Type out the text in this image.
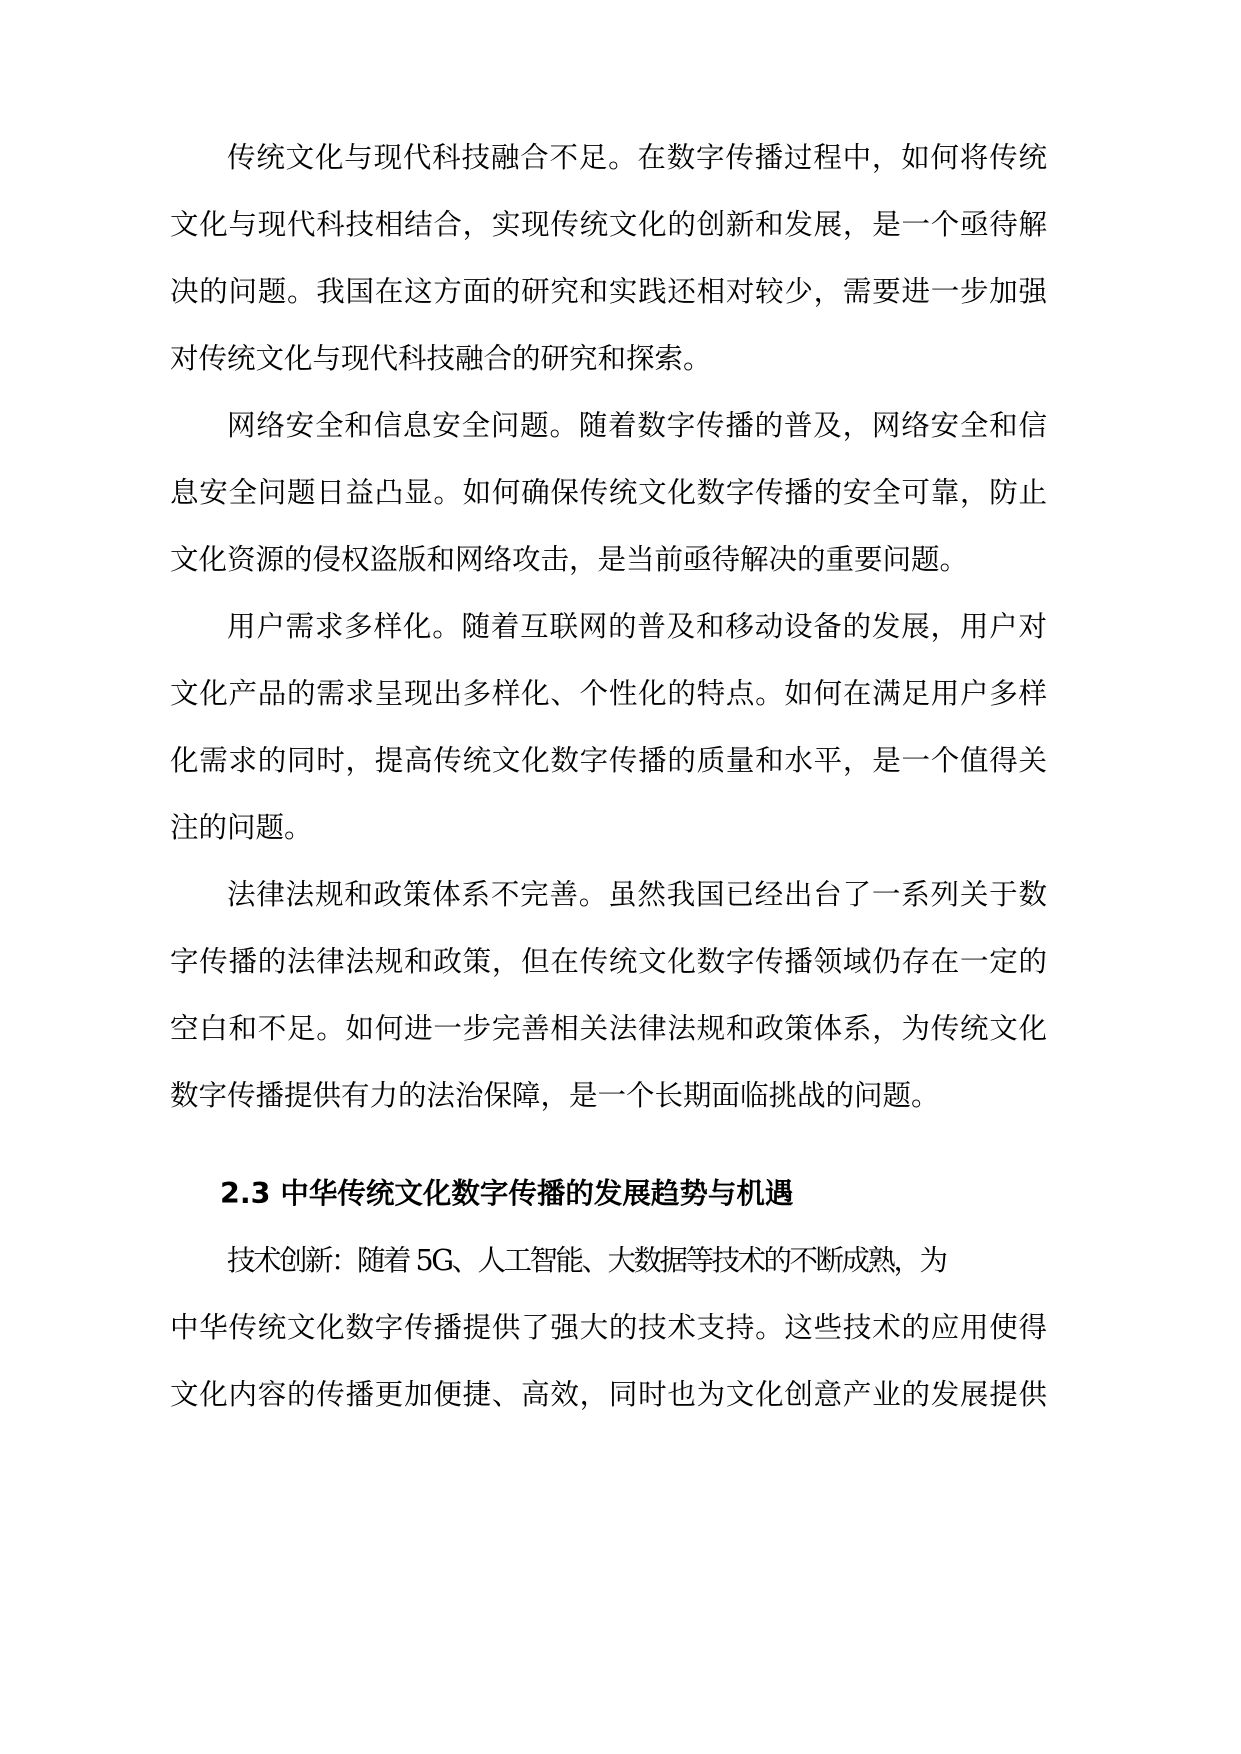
传统文化与现代科技融合不足。在数字传播过程中，如何将传统
文化与现代科技相结合，实现传统文化的创新和发展，是一个亟待解
决的问题。我国在这方面的研究和实践还相对较少，需要进一步加强
对传统文化与现代科技融合的研究和探索。
网络安全和信息安全问题。随着数字传播的普及，网络安全和信
息安全问题日益凸显。如何确保传统文化数字传播的安全可靠，防止
文化资源的侵权盗版和网络攻击，是当前亟待解决的重要问题。
用户需求多样化。随着互联网的普及和移动设备的发展，用户对
文化产品的需求呈现出多样化、个性化的特点。如何在满足用户多样
化需求的同时，提高传统文化数字传播的质量和水平，是一个值得关
注的问题。
法律法规和政策体系不完善。虽然我国已经出台了一系列关于数
字传播的法律法规和政策，但在传统文化数字传播领域仍存在一定的
空白和不足。如何进一步完善相关法律法规和政策体系，为传统文化
数字传播提供有力的法治保障，是一个长期面临挑战的问题。
2.3 中华传统文化数字传播的发展趋势与机遇
技术创新：随着 5G、人工智能、大数据等技术的不断成熟，为
中华传统文化数字传播提供了强大的技术支持。这些技术的应用使得
文化内容的传播更加便捷、高效，同时也为文化创意产业的发展提供
